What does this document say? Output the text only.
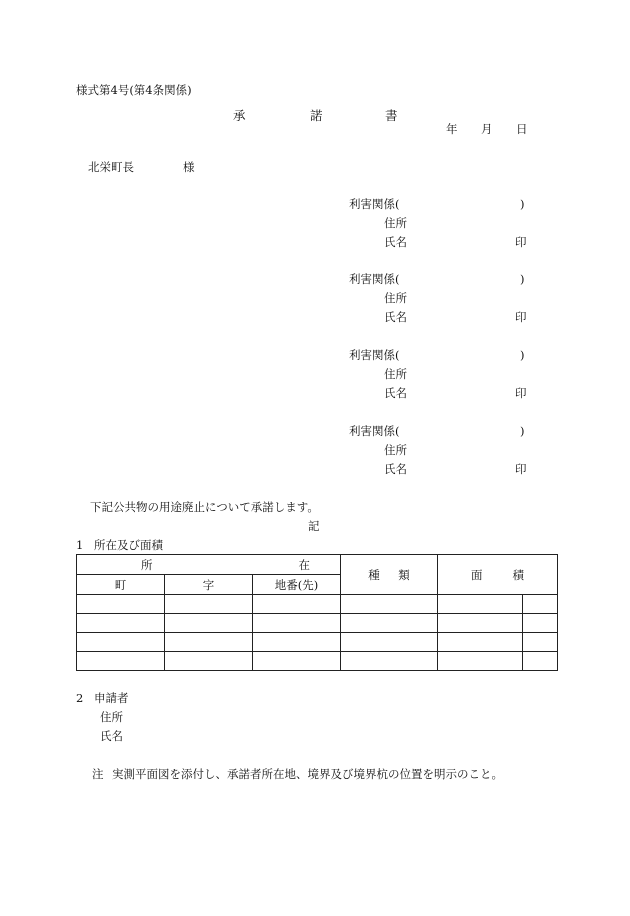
様式第4号(第4条関係)
承	諾	書
年 月 日
北栄町長	様
利害関係(	)
住所
氏名	印
利害関係(	)
住所
氏名	印
利害関係(	)
住所
氏名	印
利害関係(	)
住所
氏名	印
下記公共物の用途廃止について承諾します。
記
1 所在及び面積
所 在			種 類	面 積	

町	字	地番(先)			

2 申請者
住所
氏名
注 実測平面図を添付し、承諾者所在地、境界及び境界杭の位置を明示のこと。
